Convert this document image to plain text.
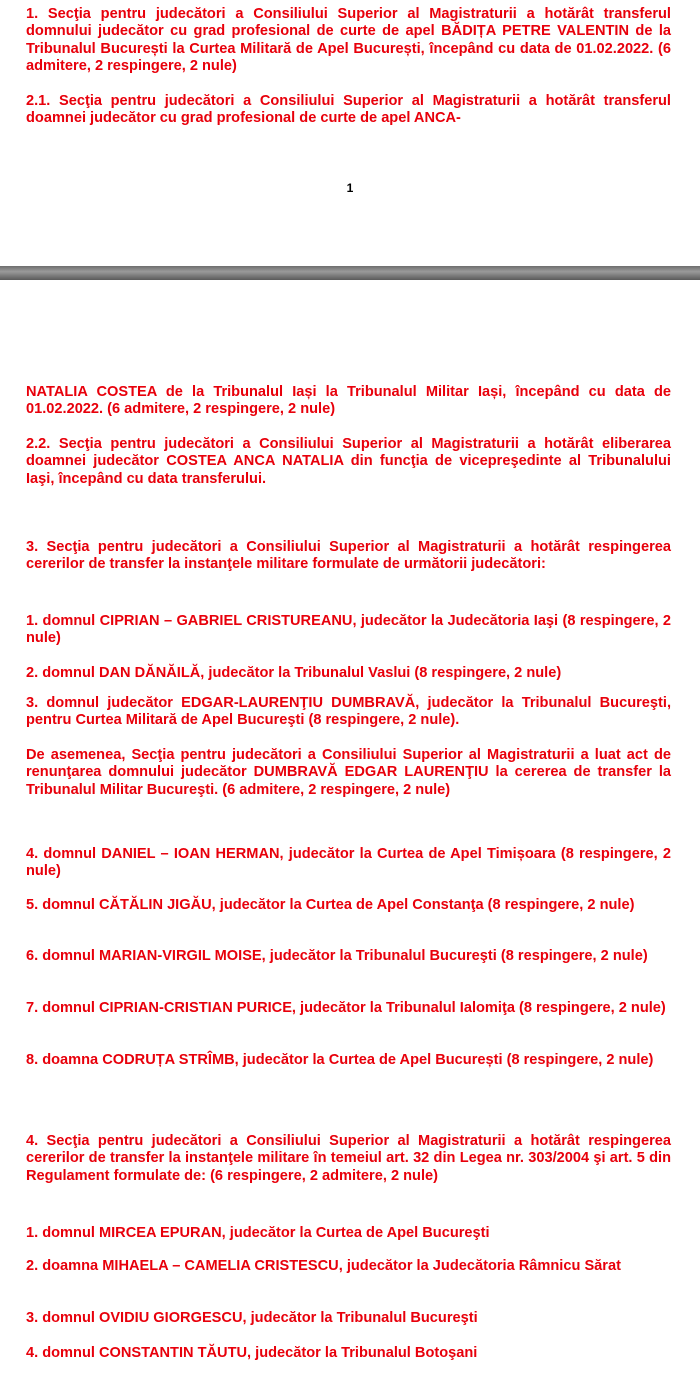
1. Secţia pentru judecători a Consiliului Superior al Magistraturii a hotărât transferul domnului judecător cu grad profesional de curte de apel BĂDIȚA PETRE VALENTIN de la Tribunalul București la Curtea Militară de Apel București, începând cu data de 01.02.2022. (6 admitere, 2 respingere, 2 nule)

2.1. Secţia pentru judecători a Consiliului Superior al Magistraturii a hotărât transferul doamnei judecător cu grad profesional de curte de apel ANCA-

1

NATALIA COSTEA de la Tribunalul Iași la Tribunalul Militar Iași, începând cu data de 01.02.2022. (6 admitere, 2 respingere, 2 nule)

2.2. Secţia pentru judecători a Consiliului Superior al Magistraturii a hotărât eliberarea doamnei judecător COSTEA ANCA NATALIA din funcţia de vicepreşedinte al Tribunalului Iaşi, începând cu data transferului.

3. Secţia pentru judecători a Consiliului Superior al Magistraturii a hotărât respingerea cererilor de transfer la instanţele militare formulate de următorii judecători:

1. domnul CIPRIAN – GABRIEL CRISTUREANU, judecător la Judecătoria Iaşi (8 respingere, 2 nule)

2. domnul DAN DĂNĂILĂ, judecător la Tribunalul Vaslui (8 respingere, 2 nule)

3. domnul judecător EDGAR-LAURENŢIU DUMBRAVĂ, judecător la Tribunalul Bucureşti, pentru Curtea Militară de Apel Bucureşti (8 respingere, 2 nule).

De asemenea, Secţia pentru judecători a Consiliului Superior al Magistraturii a luat act de renunţarea domnului judecător DUMBRAVĂ EDGAR LAURENŢIU la cererea de transfer la Tribunalul Militar Bucureşti. (6 admitere, 2 respingere, 2 nule)

4. domnul DANIEL – IOAN HERMAN, judecător la Curtea de Apel Timișoara (8 respingere, 2 nule)

5. domnul CĂTĂLIN JIGĂU, judecător la Curtea de Apel Constanţa (8 respingere, 2 nule)

6. domnul MARIAN-VIRGIL MOISE, judecător la Tribunalul Bucureşti (8 respingere, 2 nule)

7. domnul CIPRIAN-CRISTIAN PURICE, judecător la Tribunalul Ialomiţa (8 respingere, 2 nule)

8. doamna CODRUȚA STRÎMB, judecător la Curtea de Apel București (8 respingere, 2 nule)

4. Secţia pentru judecători a Consiliului Superior al Magistraturii a hotărât respingerea cererilor de transfer la instanţele militare în temeiul art. 32 din Legea nr. 303/2004 şi art. 5 din Regulament formulate de: (6 respingere, 2 admitere, 2 nule)

1. domnul MIRCEA EPURAN, judecător la Curtea de Apel Bucureşti

2. doamna MIHAELA – CAMELIA CRISTESCU, judecător la Judecătoria Râmnicu Sărat

3. domnul OVIDIU GIORGESCU, judecător la Tribunalul Bucureşti

4. domnul CONSTANTIN TĂUTU, judecător la Tribunalul Botoşani
